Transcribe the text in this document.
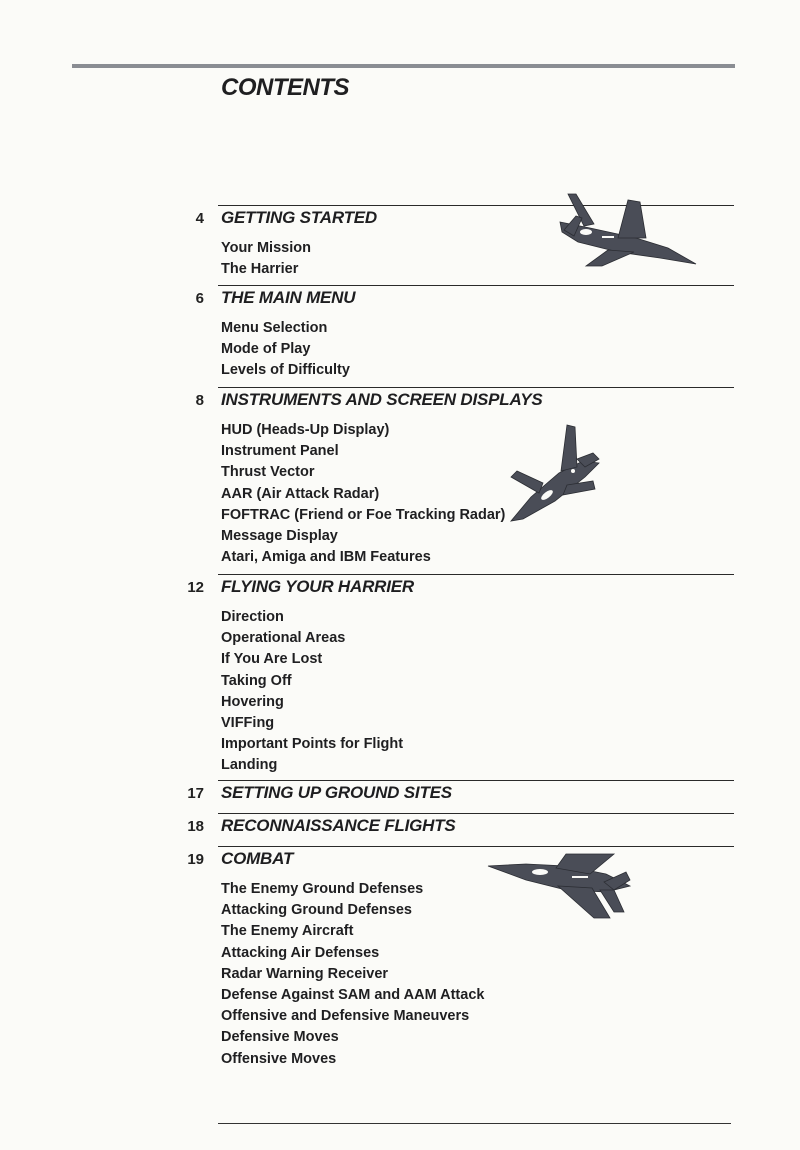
CONTENTS
4 GETTING STARTED
Your Mission
The Harrier
6 THE MAIN MENU
Menu Selection
Mode of Play
Levels of Difficulty
8 INSTRUMENTS AND SCREEN DISPLAYS
HUD (Heads-Up Display)
Instrument Panel
Thrust Vector
AAR (Air Attack Radar)
FOFTRAC (Friend or Foe Tracking Radar)
Message Display
Atari, Amiga and IBM Features
12 FLYING YOUR HARRIER
Direction
Operational Areas
If You Are Lost
Taking Off
Hovering
VIFFing
Important Points for Flight
Landing
17 SETTING UP GROUND SITES
18 RECONNAISSANCE FLIGHTS
19 COMBAT
The Enemy Ground Defenses
Attacking Ground Defenses
The Enemy Aircraft
Attacking Air Defenses
Radar Warning Receiver
Defense Against SAM and AAM Attack
Offensive and Defensive Maneuvers
Defensive Moves
Offensive Moves
